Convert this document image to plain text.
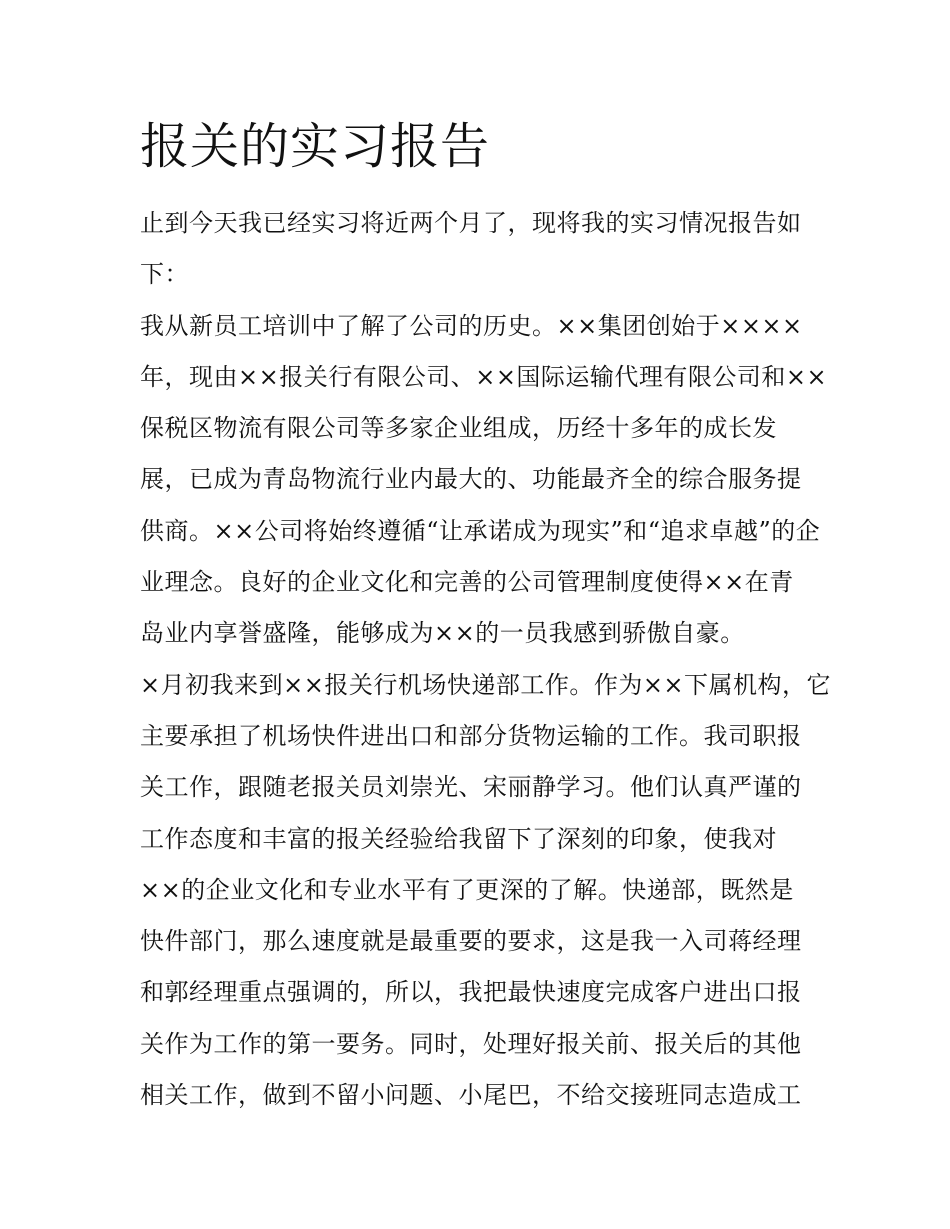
报关的实习报告
止到今天我已经实习将近两个月了，现将我的实习情况报告如
下：
我从新员工培训中了解了公司的历史。××集团创始于××××
年，现由××报关行有限公司、××国际运输代理有限公司和××
保税区物流有限公司等多家企业组成，历经十多年的成长发
展，已成为青岛物流行业内最大的、功能最齐全的综合服务提
供商。××公司将始终遵循“让承诺成为现实”和“追求卓越”的企
业理念。良好的企业文化和完善的公司管理制度使得××在青
岛业内享誉盛隆，能够成为××的一员我感到骄傲自豪。
×月初我来到××报关行机场快递部工作。作为××下属机构，它
主要承担了机场快件进出口和部分货物运输的工作。我司职报
关工作，跟随老报关员刘崇光、宋丽静学习。他们认真严谨的
工作态度和丰富的报关经验给我留下了深刻的印象，使我对
××的企业文化和专业水平有了更深的了解。快递部，既然是
快件部门，那么速度就是最重要的要求，这是我一入司蒋经理
和郭经理重点强调的，所以，我把最快速度完成客户进出口报
关作为工作的第一要务。同时，处理好报关前、报关后的其他
相关工作，做到不留小问题、小尾巴，不给交接班同志造成工
